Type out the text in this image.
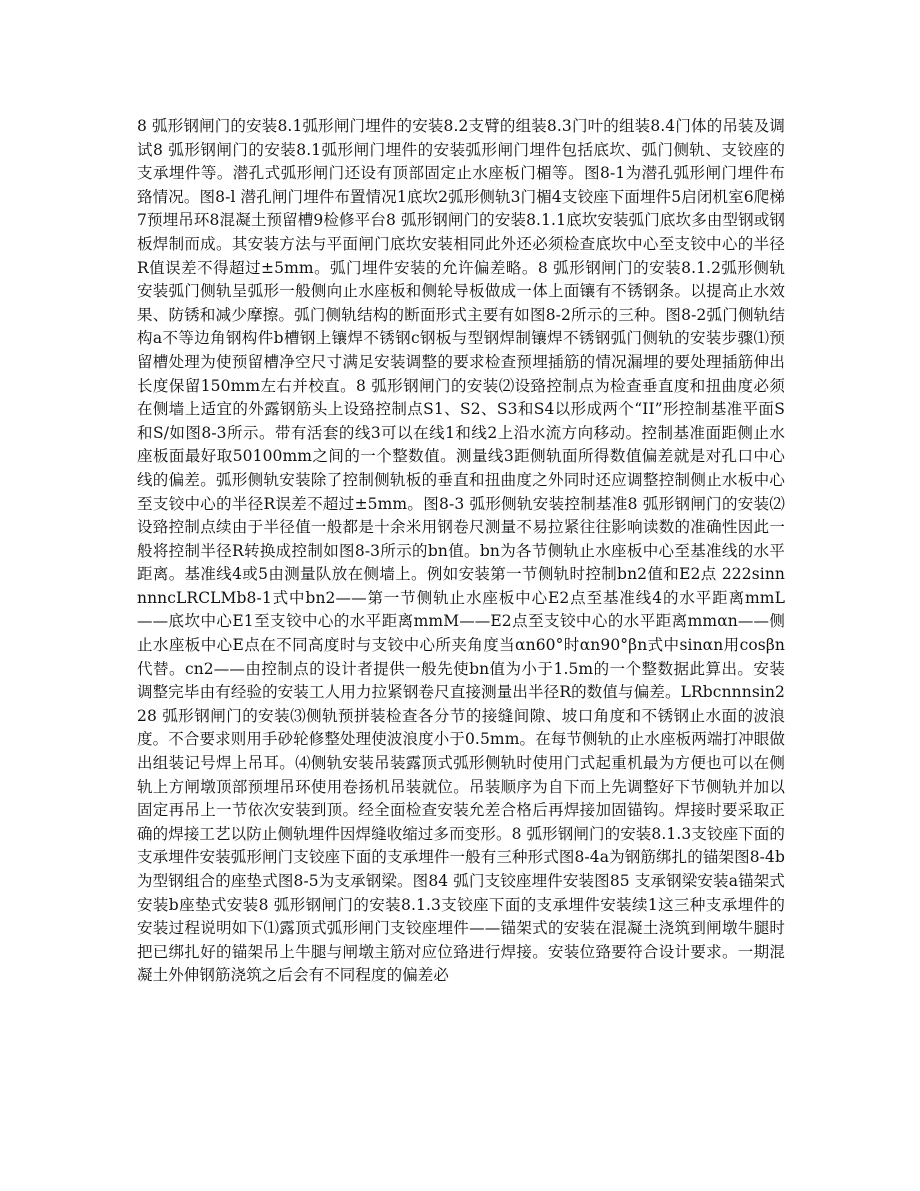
8 弧形钢闸门的安装8.1弧形闸门埋件的安装8.2支臂的组装8.3门叶的组装8.4门体的吊装及调试8 弧形钢闸门的安装8.1弧形闸门埋件的安装弧形闸门埋件包括底坎、弧门侧轨、支铰座的支承埋件等。潜孔式弧形闸门还设有顶部固定止水座板门楣等。图8-1为潜孔弧形闸门埋件布臵情况。图8-l 潜孔闸门埋件布置情况1底坎2弧形侧轨3门楣4支铰座下面埋件5启闭机室6爬梯7预埋吊环8混凝土预留槽9检修平台8 弧形钢闸门的安装8.1.1底坎安装弧门底坎多由型钢或钢板焊制而成。其安装方法与平面闸门底坎安装相同此外还必须检查底坎中心至支铰中心的半径R值误差不得超过±5mm。弧门埋件安装的允许偏差略。8 弧形钢闸门的安装8.1.2弧形侧轨安装弧门侧轨呈弧形一般侧向止水座板和侧轮导板做成一体上面镶有不锈钢条。以提高止水效果、防锈和减少摩擦。弧门侧轨结构的断面形式主要有如图8-2所示的三种。图8-2弧门侧轨结构a不等边角钢构件b槽钢上镶焊不锈钢c钢板与型钢焊制镶焊不锈钢弧门侧轨的安装步骤⑴预留槽处理为使预留槽净空尺寸满足安装调整的要求检查预埋插筋的情况漏埋的要处理插筋伸出长度保留150mm左右并校直。8 弧形钢闸门的安装⑵设臵控制点为检查垂直度和扭曲度必须在侧墙上适宜的外露钢筋头上设臵控制点S1、S2、S3和S4以形成两个“II”形控制基准平面S和S/如图8-3所示。带有活套的线3可以在线1和线2上沿水流方向移动。控制基准面距侧止水座板面最好取50100mm之间的一个整数值。测量线3距侧轨面所得数值偏差就是对孔口中心线的偏差。弧形侧轨安装除了控制侧轨板的垂直和扭曲度之外同时还应调整控制侧止水板中心至支铰中心的半径R误差不超过±5mm。图8-3 弧形侧轨安装控制基准8 弧形钢闸门的安装⑵设臵控制点续由于半径值一般都是十余米用钢卷尺测量不易拉紧往往影响读数的准确性因此一般将控制半径R转换成控制如图8-3所示的bn值。bn为各节侧轨止水座板中心至基准线的水平距离。基准线4或5由测量队放在侧墙上。例如安装第一节侧轨时控制bn2值和E2点 222sinnnnncLRCLMb8-1式中bn2——第一节侧轨止水座板中心E2点至基准线4的水平距离mmL——底坎中心E1至支铰中心的水平距离mmM——E2点至支铰中心的水平距离mmαn——侧止水座板中心E点在不同高度时与支铰中心所夹角度当αn60°时αn90°βn式中sinαn用cosβn代替。cn2——由控制点的设计者提供一般先使bn值为小于1.5m的一个整数据此算出。安装调整完毕由有经验的安装工人用力拉紧钢卷尺直接测量出半径R的数值与偏差。LRbcnnnsin228 弧形钢闸门的安装⑶侧轨预拼装检查各分节的接缝间隙、坡口角度和不锈钢止水面的波浪度。不合要求则用手砂轮修整处理使波浪度小于0.5mm。在每节侧轨的止水座板两端打冲眼做出组装记号焊上吊耳。⑷侧轨安装吊装露顶式弧形侧轨时使用门式起重机最为方便也可以在侧轨上方闸墩顶部预埋吊环使用卷扬机吊装就位。吊装顺序为自下而上先调整好下节侧轨并加以固定再吊上一节依次安装到顶。经全面检查安装允差合格后再焊接加固锚钩。焊接时要采取正确的焊接工艺以防止侧轨埋件因焊缝收缩过多而变形。8 弧形钢闸门的安装8.1.3支铰座下面的支承埋件安装弧形闸门支铰座下面的支承埋件一般有三种形式图8-4a为钢筋绑扎的锚架图8-4b为型钢组合的座垫式图8-5为支承钢梁。图84 弧门支铰座埋件安装图85 支承钢梁安装a锚架式安装b座垫式安装8 弧形钢闸门的安装8.1.3支铰座下面的支承埋件安装续1这三种支承埋件的安装过程说明如下⑴露顶式弧形闸门支铰座埋件——锚架式的安装在混凝土浇筑到闸墩牛腿时把已绑扎好的锚架吊上牛腿与闸墩主筋对应位臵进行焊接。安装位臵要符合设计要求。一期混凝土外伸钢筋浇筑之后会有不同程度的偏差必
